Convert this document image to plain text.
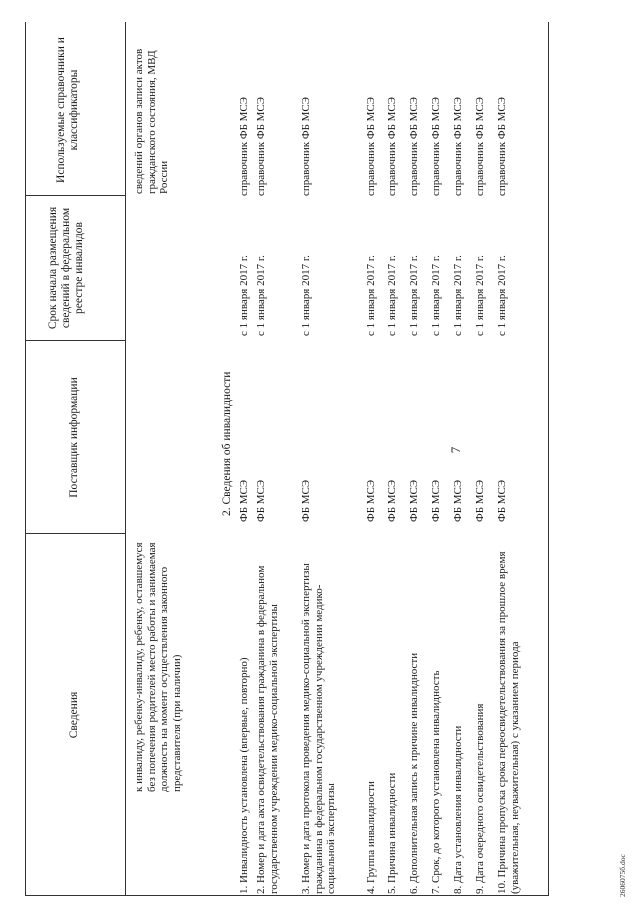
7
Сведения
Поставщик информации
Срок начала размещения сведений в федеральном реестре инвалидов
Используемые справочники и классификаторы
к инвалиду, ребенку-инвалиду, ребенку, оставшемуся без попечения родителей место работы и занимаемая должность на момент осуществления законного представителя (при наличии)
сведений органов записи актов гражданского состояния, МВД России
2. Сведения об инвалидности
1. Инвалидность установлена (впервые, повторно)
ФБ МСЭ
с 1 января 2017 г.
справочник ФБ МСЭ
2. Номер и дата акта освидетельствования гражданина в федеральном государственном учреждении медико-социальной экспертизы
ФБ МСЭ
с 1 января 2017 г.
справочник ФБ МСЭ
3. Номер и дата протокола проведения медико-социальной экспертизы гражданина в федеральном государственном учреждении медико-социальной экспертизы
ФБ МСЭ
с 1 января 2017 г.
справочник ФБ МСЭ
4. Группа инвалидности
ФБ МСЭ
с 1 января 2017 г.
справочник ФБ МСЭ
5. Причина инвалидности
ФБ МСЭ
с 1 января 2017 г.
справочник ФБ МСЭ
6. Дополнительная запись к причине инвалидности
ФБ МСЭ
с 1 января 2017 г.
справочник ФБ МСЭ
7. Срок, до которого установлена инвалидность
ФБ МСЭ
с 1 января 2017 г.
справочник ФБ МСЭ
8. Дата установления инвалидности
ФБ МСЭ
с 1 января 2017 г.
справочник ФБ МСЭ
9. Дата очередного освидетельствования
ФБ МСЭ
с 1 января 2017 г.
справочник ФБ МСЭ
10. Причина пропуска срока переосвидетельствования за прошлое время (уважительная, неуважительная) с указанием периода
ФБ МСЭ
с 1 января 2017 г.
справочник ФБ МСЭ
2606075б.doc
